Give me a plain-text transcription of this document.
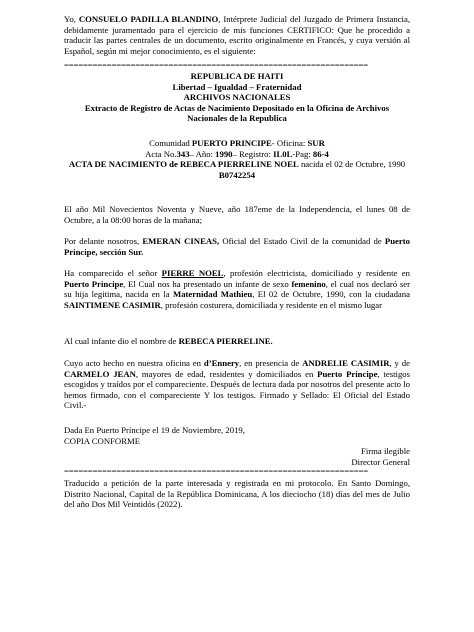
Yo, CONSUELO PADILLA BLANDINO, Intérprete Judicial del Juzgado de Primera Instancia, debidamente juramentado para el ejercicio de mis funciones CERTIFICO: Que he procedido a traducir las partes centrales de un documento, escrito originalmente en Francés, y cuya versión al Español, según mi mejor conocimiento, es el siguiente:
================================================================
REPUBLICA DE HAITI
Libertad – Igualdad – Fraternidad
ARCHIVOS NACIONALES
Extracto de Registro de Actas de Nacimiento Depositado en la Oficina de Archivos Nacionales de la Republica
Comunidad PUERTO PRINCIPE- Oficina: SUR
Acta No.343– Año: 1990– Registro: IL0L-Pag: 86-4
ACTA DE NACIMIENTO de REBECA PIERRELINE NOEL nacida el 02 de Octubre, 1990
B0742254
El año Mil Novecientos Noventa y Nueve, año 187eme de la Independencia, el lunes 08 de Octubre, a la 08:00 horas de la mañana;
Por delante nosotros, EMERAN CINEAS, Oficial del Estado Civil de la comunidad de Puerto Principe, sección Sur.
Ha comparecido el señor PIERRE NOEL, profesión electricista, domiciliado y residente en Puerto Principe, El Cual nos ha presentado un infante de sexo femenino, el cual nos declaró ser su hija legitima, nacida en la Maternidad Mathieu, El 02 de Octubre, 1990, con la ciudadana SAINTIMENE CASIMIR, profesión costurera, domiciliada y residente en el mismo lugar
Al cual infante dio el nombre de REBECA PIERRELINE.
Cuyo acto hecho en nuestra oficina en d’Ennery, en presencia de ANDRELIE CASIMIR, y de CARMELO JEAN, mayores de edad, residentes y domiciliados en Puerto Principe, testigos escogidos y traídos por el compareciente. Después de lectura dada por nosotros del presente acto lo hemos firmado, con el compareciente Y los testigos. Firmado y Sellado: El Oficial del Estado Civil.-
Dada En Puerto Príncipe el 19 de Noviembre, 2019,
COPIA CONFORME
Firma ilegible
Director General
================================================================
Traducido a petición de la parte interesada y registrada en mi protocolo. En Santo Domingo, Distrito Nacional, Capital de la República Dominicana, A los dieciocho (18) días del mes de Julio del año Dos Mil Veintidós (2022).
